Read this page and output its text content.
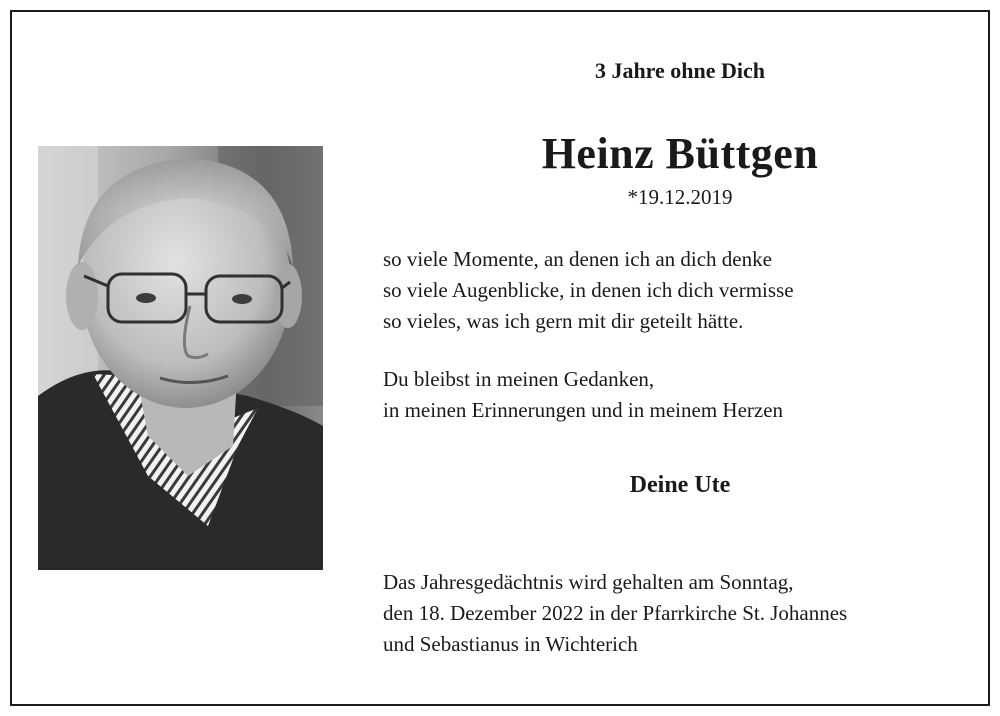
3 Jahre ohne Dich
Heinz Büttgen
*19.12.2019
so viele Momente, an denen ich an dich denke
so viele Augenblicke, in denen ich dich vermisse
so vieles, was ich gern mit dir geteilt hätte.
Du bleibst in meinen Gedanken,
in meinen Erinnerungen und in meinem Herzen
Deine Ute
Das Jahresgedächtnis wird gehalten am Sonntag,
den 18. Dezember 2022 in der Pfarrkirche St. Johannes
und Sebastianus in Wichterich
